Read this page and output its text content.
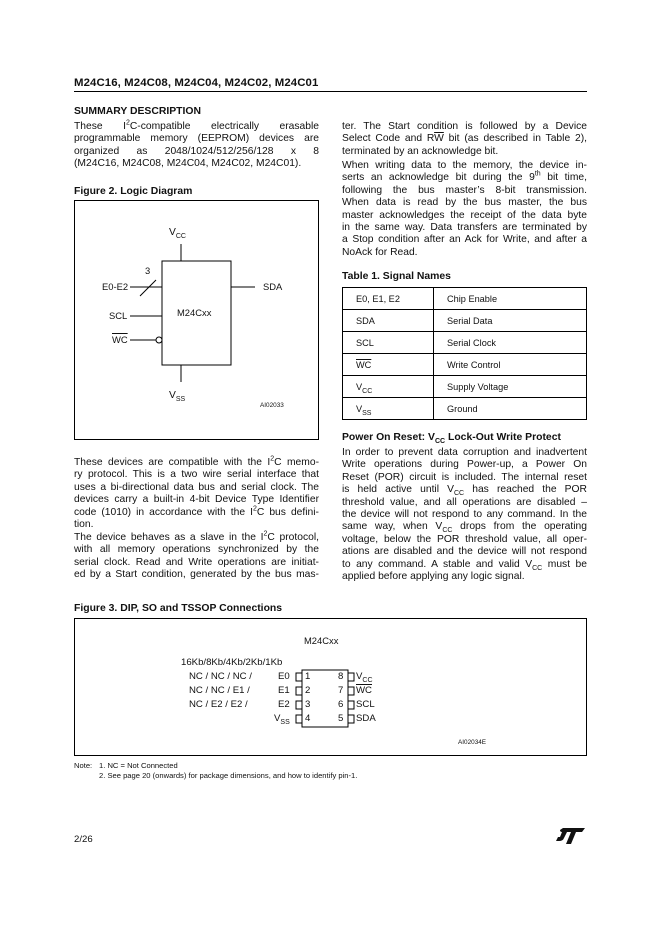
M24C16, M24C08, M24C04, M24C02, M24C01
SUMMARY DESCRIPTION
These $I^2C$-compatible electrically erasable
programmable memory (EEPROM) devices are
organized as 2048/1024/512/256/128 x 8
(M24C16, M24C08, M24C04, M24C02, M24C01).
Figure 2. Logic Diagram
$V_{CC}$
$V_{SS}$
M24Cxx
3
E0-E2
SCL
$\overline{WC}$
SDA
AI02033
These devices are compatible with the $I^2C$ memo-
ry protocol. This is a two wire serial interface that
uses a bi-directional data bus and serial clock. The
devices carry a built-in 4-bit Device Type Identifier
code (1010) in accordance with the $I^2C$ bus defini-
tion.
The device behaves as a slave in the $I^2C$ protocol,
with all memory operations synchronized by the
serial clock. Read and Write operations are initiat-
ed by a Start condition, generated by the bus mas-
ter. The Start condition is followed by a Device
Select Code and $R\overline{W}$ bit (as described in Table 2),
terminated by an acknowledge bit.
When writing data to the memory, the device in-
serts an acknowledge bit during the 9th bit time,
following the bus master’s 8-bit transmission.
When data is read by the bus master, the bus
master acknowledges the receipt of the data byte
in the same way. Data transfers are terminated by
a Stop condition after an Ack for Write, and after a
NoAck for Read.
Table 1. Signal Names
E0, E1, E2	Chip Enable
SDA	Serial Data
SCL	Serial Clock
$\overline{WC}$	Write Control
$V_{CC}$	Supply Voltage
$V_{SS}$	Ground
Power On Reset: $V_{CC}$ Lock-Out Write Protect
In order to prevent data corruption and inadvertent
Write operations during Power-up, a Power On
Reset (POR) circuit is included. The internal reset
is held active until $V_{CC}$ has reached the POR
threshold value, and all operations are disabled –
the device will not respond to any command. In the
same way, when $V_{CC}$ drops from the operating
voltage, below the POR threshold value, all oper-
ations are disabled and the device will not respond
to any command. A stable and valid $V_{CC}$ must be
applied before applying any logic signal.
Figure 3. DIP, SO and TSSOP Connections
M24Cxx
16Kb/8Kb/4Kb/2Kb/1Kb
NC / NC / NC /	E0 1
NC / NC / E1 /	E1 2
NC / E2 / E2 /	E2 3
$V_{SS}$ 4
8 $V_{CC}$
7 $\overline{WC}$
6 SCL
5 SDA
AI02034E
Note: 1. NC = Not Connected
2. See page 20 (onwards) for package dimensions, and how to identify pin-1.
2/26	ST
